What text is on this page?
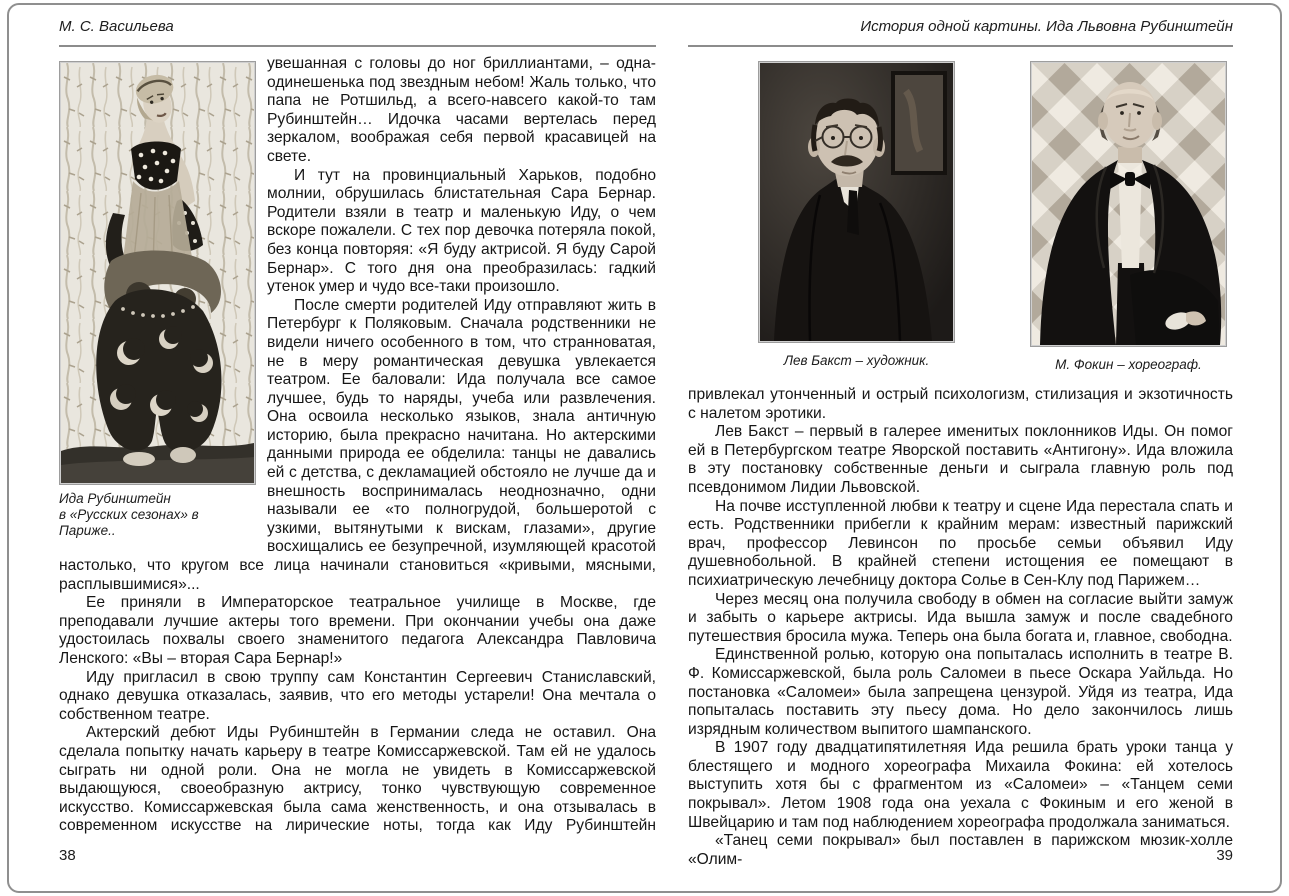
М. С. Васильева
Ида Рубинштейн
в «Русских сезонах» в Париже..

увешанная с головы до ног бриллиантами, – одна-одинешенька под звездным небом! Жаль только, что папа не Ротшильд, а всего-навсего какой-то там Рубинштейн… Идочка часами вертелась перед зеркалом, воображая себя первой красавицей на свете.

И тут на провинциальный Харьков, подобно молнии, обрушилась блистательная Сара Бернар. Родители взяли в театр и маленькую Иду, о чем вскоре пожалели. С тех пор девочка потеряла покой, без конца повторяя: «Я буду актрисой. Я буду Сарой Бернар». С того дня она преобразилась: гадкий утенок умер и чудо все-таки произошло.

После смерти родителей Иду отправляют жить в Петербург к Поляковым. Сначала родственники не видели ничего особенного в том, что странноватая, не в меру романтическая девушка увлекается театром. Ее баловали: Ида получала все самое лучшее, будь то наряды, учеба или развлечения. Она освоила несколько языков, знала античную историю, была прекрасно начитана. Но актерскими данными природа ее обделила: танцы не давались ей с детства, с декламацией обстояло не лучше да и внешность воспринималась неоднозначно, одни называли ее «то полногрудой, большеротой с узкими, вытянутыми к вискам, глазами», другие восхищались ее безупречной, изумляющей красотой настолько, что кругом все лица начинали становиться «кривыми, мясными, расплывшимися»...

Ее приняли в Императорское театральное училище в Москве, где преподавали лучшие актеры того времени. При окончании учебы она даже удостоилась похвалы своего знаменитого педагога Александра Павловича Ленского: «Вы – вторая Сара Бернар!»

Иду пригласил в свою труппу сам Константин Сергеевич Станиславский, однако девушка отказалась, заявив, что его методы устарели! Она мечтала о собственном театре.

Актерский дебют Иды Рубинштейн в Германии следа не оставил. Она сделала попытку начать карьеру в театре Комиссаржевской. Там ей не удалось сыграть ни одной роли. Она не могла не увидеть в Комиссаржевской выдающуюся, своеобразную актрису, тонко чувствующую современное искусство. Комиссаржевская была сама женственность, и она отзывалась в современном искусстве на лирические ноты, тогда как Иду Рубинштейн

38
История одной картины. Ида Львовна Рубинштейн
Лев Бакст – художник.	М. Фокин – хореограф.

привлекал утонченный и острый психологизм, стилизация и экзотичность с налетом эротики.

Лев Бакст – первый в галерее именитых поклонников Иды. Он помог ей в Петербургском театре Яворской поставить «Антигону». Ида вложила в эту постановку собственные деньги и сыграла главную роль под псевдонимом Лидии Львовской.

На почве исступленной любви к театру и сцене Ида перестала спать и есть. Родственники прибегли к крайним мерам: известный парижский врач, профессор Левинсон по просьбе семьи объявил Иду душевнобольной. В крайней степени истощения ее помещают в психиатрическую лечебницу доктора Солье в Сен-Клу под Парижем…

Через месяц она получила свободу в обмен на согласие выйти замуж и забыть о карьере актрисы. Ида вышла замуж и после свадебного путешествия бросила мужа. Теперь она была богата и, главное, свободна.

Единственной ролью, которую она попыталась исполнить в театре В. Ф. Комиссаржевской, была роль Саломеи в пьесе Оскара Уайльда. Но постановка «Саломеи» была запрещена цензурой. Уйдя из театра, Ида попыталась поставить эту пьесу дома. Но дело закончилось лишь изрядным количеством выпитого шампанского.

В 1907 году двадцатипятилетняя Ида решила брать уроки танца у блестящего и модного хореографа Михаила Фокина: ей хотелось выступить хотя бы с фрагментом из «Саломеи» – «Танцем семи покрывал». Летом 1908 года она уехала с Фокиным и его женой в Швейцарию и там под наблюдением хореографа продолжала заниматься.

«Танец семи покрывал» был поставлен в парижском мюзик-холле «Олим-	39
